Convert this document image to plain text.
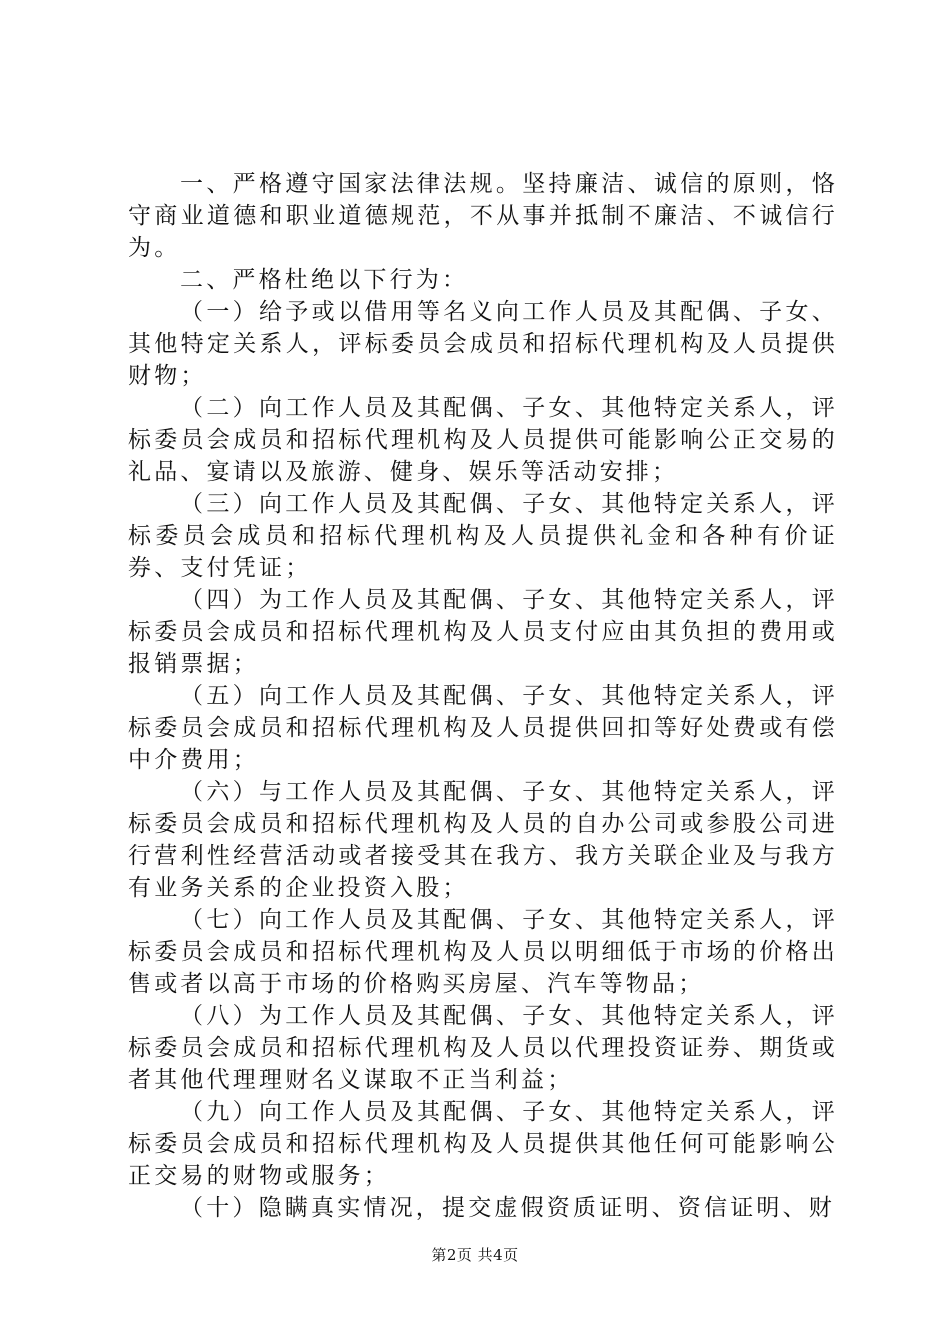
一、严格遵守国家法律法规。坚持廉洁、诚信的原则，恪守商业道德和职业道德规范，不从事并抵制不廉洁、不诚信行为。

二、严格杜绝以下行为：

（一）给予或以借用等名义向工作人员及其配偶、子女、其他特定关系人，评标委员会成员和招标代理机构及人员提供财物；

（二）向工作人员及其配偶、子女、其他特定关系人，评标委员会成员和招标代理机构及人员提供可能影响公正交易的礼品、宴请以及旅游、健身、娱乐等活动安排；

（三）向工作人员及其配偶、子女、其他特定关系人，评标委员会成员和招标代理机构及人员提供礼金和各种有价证券、支付凭证；

（四）为工作人员及其配偶、子女、其他特定关系人，评标委员会成员和招标代理机构及人员支付应由其负担的费用或报销票据；

（五）向工作人员及其配偶、子女、其他特定关系人，评标委员会成员和招标代理机构及人员提供回扣等好处费或有偿中介费用；

（六）与工作人员及其配偶、子女、其他特定关系人，评标委员会成员和招标代理机构及人员的自办公司或参股公司进行营利性经营活动或者接受其在我方、我方关联企业及与我方有业务关系的企业投资入股；

（七）向工作人员及其配偶、子女、其他特定关系人，评标委员会成员和招标代理机构及人员以明细低于市场的价格出售或者以高于市场的价格购买房屋、汽车等物品；

（八）为工作人员及其配偶、子女、其他特定关系人，评标委员会成员和招标代理机构及人员以代理投资证券、期货或者其他代理理财名义谋取不正当利益；

（九）向工作人员及其配偶、子女、其他特定关系人，评标委员会成员和招标代理机构及人员提供其他任何可能影响公正交易的财物或服务；

（十）隐瞒真实情况，提交虚假资质证明、资信证明、财

第2页 共4页
